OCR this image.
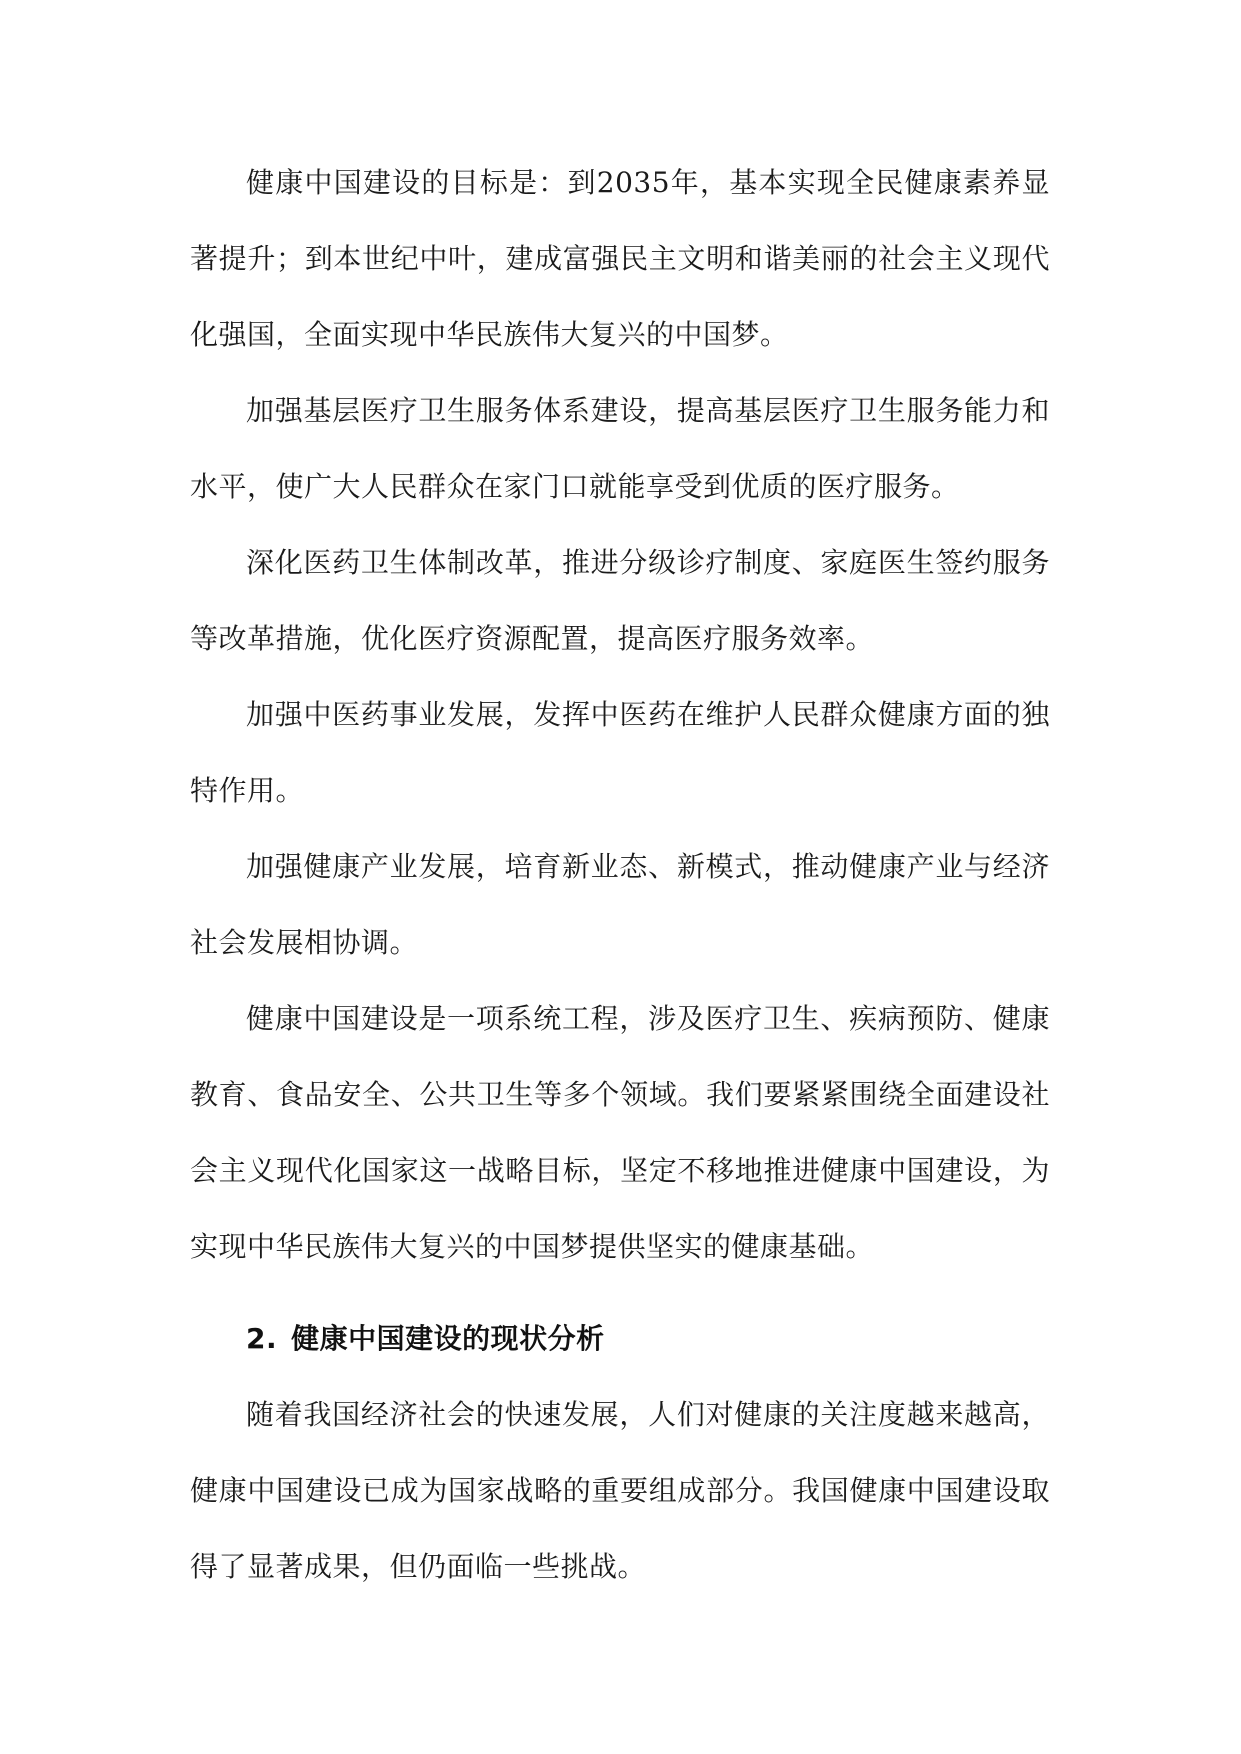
健康中国建设的目标是：到2035年，基本实现全民健康素养显著提升；到本世纪中叶，建成富强民主文明和谐美丽的社会主义现代化强国，全面实现中华民族伟大复兴的中国梦。

加强基层医疗卫生服务体系建设，提高基层医疗卫生服务能力和水平，使广大人民群众在家门口就能享受到优质的医疗服务。

深化医药卫生体制改革，推进分级诊疗制度、家庭医生签约服务等改革措施，优化医疗资源配置，提高医疗服务效率。

加强中医药事业发展，发挥中医药在维护人民群众健康方面的独特作用。

加强健康产业发展，培育新业态、新模式，推动健康产业与经济社会发展相协调。

健康中国建设是一项系统工程，涉及医疗卫生、疾病预防、健康教育、食品安全、公共卫生等多个领域。我们要紧紧围绕全面建设社会主义现代化国家这一战略目标，坚定不移地推进健康中国建设，为实现中华民族伟大复兴的中国梦提供坚实的健康基础。

2. 健康中国建设的现状分析

随着我国经济社会的快速发展，人们对健康的关注度越来越高，健康中国建设已成为国家战略的重要组成部分。我国健康中国建设取得了显著成果，但仍面临一些挑战。
